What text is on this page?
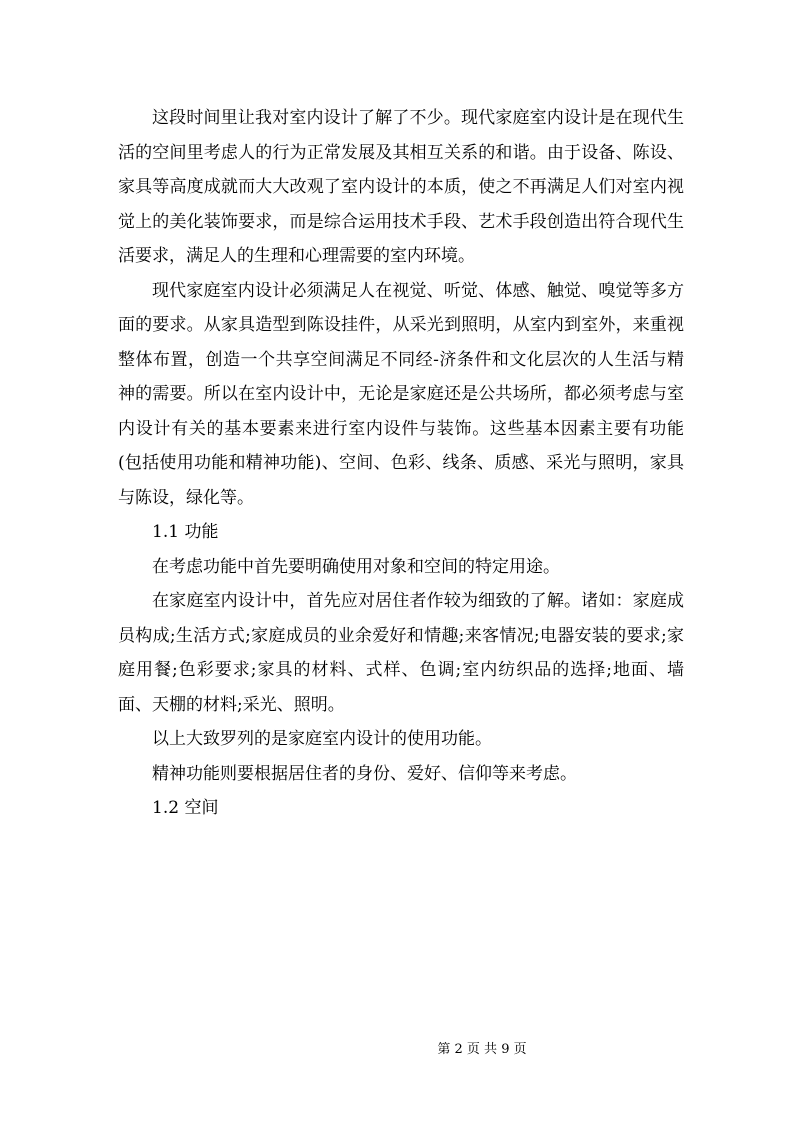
这段时间里让我对室内设计了解了不少。现代家庭室内设计是在现代生活的空间里考虑人的行为正常发展及其相互关系的和谐。由于设备、陈设、家具等高度成就而大大改观了室内设计的本质，使之不再满足人们对室内视觉上的美化装饰要求，而是综合运用技术手段、艺术手段创造出符合现代生活要求，满足人的生理和心理需要的室内环境。

现代家庭室内设计必须满足人在视觉、听觉、体感、触觉、嗅觉等多方面的要求。从家具造型到陈设挂件，从采光到照明，从室内到室外，来重视整体布置，创造一个共享空间满足不同经-济条件和文化层次的人生活与精神的需要。所以在室内设计中，无论是家庭还是公共场所，都必须考虑与室内设计有关的基本要素来进行室内设件与装饰。这些基本因素主要有功能(包括使用功能和精神功能)、空间、色彩、线条、质感、采光与照明，家具与陈设，绿化等。

1.1 功能

在考虑功能中首先要明确使用对象和空间的特定用途。

在家庭室内设计中，首先应对居住者作较为细致的了解。诸如：家庭成员构成;生活方式;家庭成员的业余爱好和情趣;来客情况;电器安装的要求;家庭用餐;色彩要求;家具的材料、式样、色调;室内纺织品的选择;地面、墙面、天棚的材料;采光、照明。

以上大致罗列的是家庭室内设计的使用功能。

精神功能则要根据居住者的身份、爱好、信仰等来考虑。

1.2 空间

第 2 页 共 9 页
